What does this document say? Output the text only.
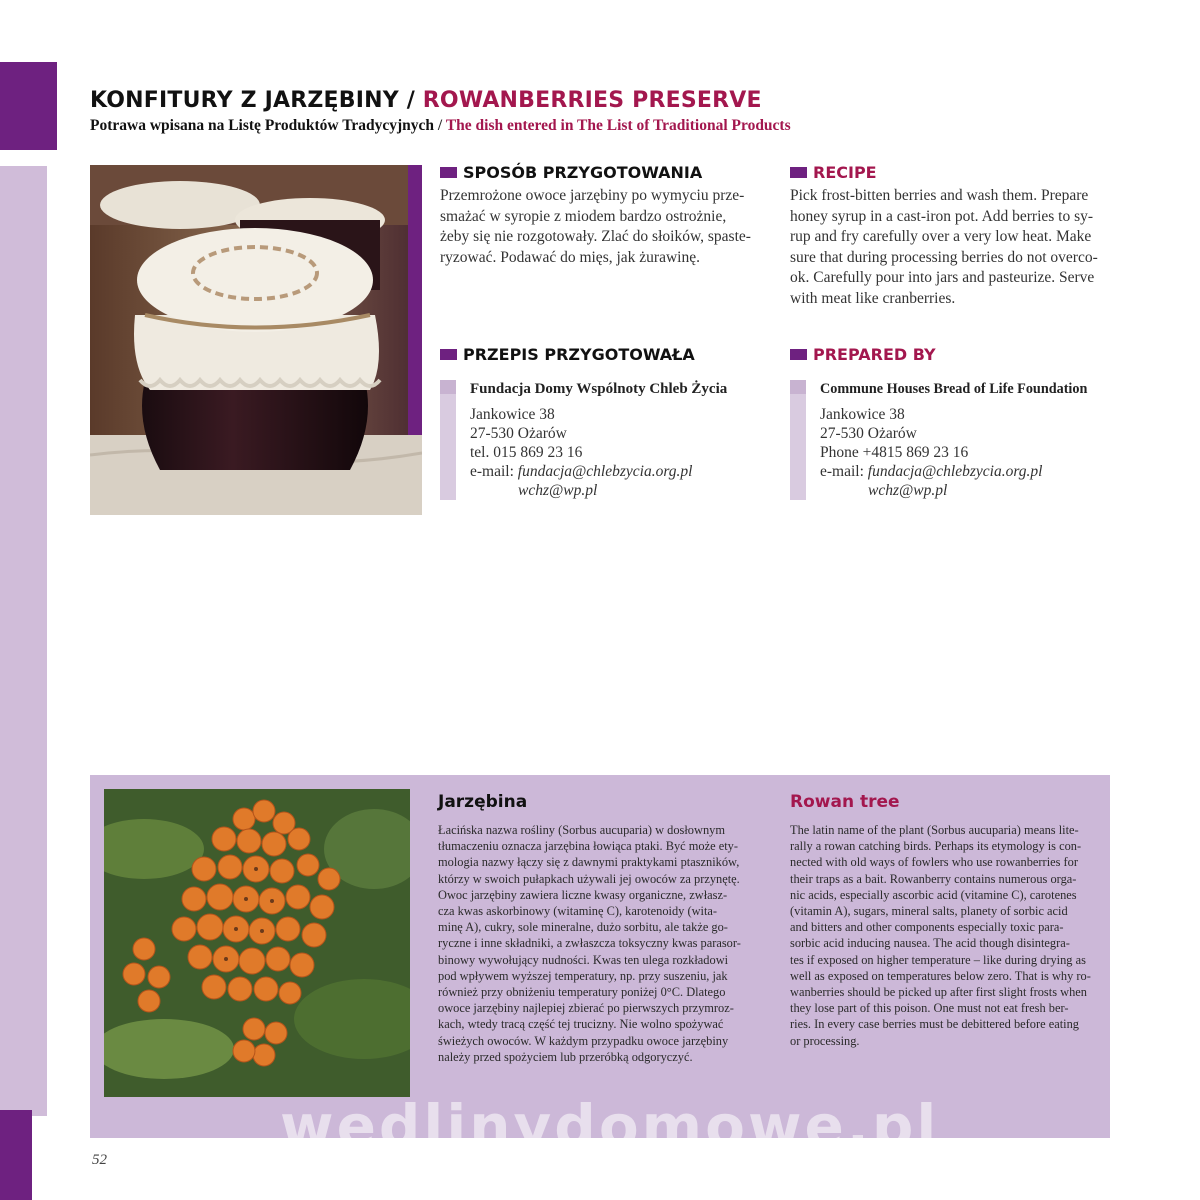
KONFITURY Z JARZĘBINY / ROWANBERRIES PRESERVE
Potrawa wpisana na Listę Produktów Tradycyjnych / The dish entered in The List of Traditional Products
SPOSÓB PRZYGOTOWANIA
Przemrożone owoce jarzębiny po wymyciu prze-
smażać w syropie z miodem bardzo ostrożnie,
żeby się nie rozgotowały. Zlać do słoików, spaste-
ryzować. Podawać do mięs, jak żurawinę.
RECIPE
Pick frost-bitten berries and wash them. Prepare
honey syrup in a cast-iron pot. Add berries to sy-
rup and fry carefully over a very low heat. Make
sure that during processing berries do not overco-
ok. Carefully pour into jars and pasteurize. Serve
with meat like cranberries.
PRZEPIS PRZYGOTOWAŁA
Fundacja Domy Wspólnoty Chleb Życia
Jankowice 38
27-530 Ożarów
tel. 015 869 23 16
e-mail: fundacja@chlebzycia.org.pl
wchz@wp.pl
PREPARED BY
Commune Houses Bread of Life Foundation
Jankowice 38
27-530 Ożarów
Phone +4815 869 23 16
e-mail: fundacja@chlebzycia.org.pl
wchz@wp.pl
Jarzębina
Łacińska nazwa rośliny (Sorbus aucuparia) w dosłownym
tłumaczeniu oznacza jarzębina łowiąca ptaki. Być może ety-
mologia nazwy łączy się z dawnymi praktykami ptaszników,
którzy w swoich pułapkach używali jej owoców za przynętę.
Owoc jarzębiny zawiera liczne kwasy organiczne, zwłasz-
cza kwas askorbinowy (witaminę C), karotenoidy (wita-
minę A), cukry, sole mineralne, dużo sorbitu, ale także go-
ryczne i inne składniki, a zwłaszcza toksyczny kwas parasor-
binowy wywołujący nudności. Kwas ten ulega rozkładowi
pod wpływem wyższej temperatury, np. przy suszeniu, jak
również przy obniżeniu temperatury poniżej 0°C. Dlatego
owoce jarzębiny najlepiej zbierać po pierwszych przymroz-
kach, wtedy tracą część tej trucizny. Nie wolno spożywać
świeżych owoców. W każdym przypadku owoce jarzębiny
należy przed spożyciem lub przeróbką odgoryczyć.
Rowan tree
The latin name of the plant (Sorbus aucuparia) means lite-
rally a rowan catching birds. Perhaps its etymology is con-
nected with old ways of fowlers who use rowanberries for
their traps as a bait. Rowanberry contains numerous orga-
nic acids, especially ascorbic acid (vitamine C), carotenes
(vitamin A), sugars, mineral salts, planety of sorbic acid
and bitters and other components especially toxic para-
sorbic acid inducing nausea. The acid though disintegra-
tes if exposed on higher temperature – like during drying as
well as exposed on temperatures below zero. That is why ro-
wanberries should be picked up after first slight frosts when
they lose part of this poison. One must not eat fresh ber-
ries. In every case berries must be debittered before eating
or processing.
wedlinydomowe.pl
52
